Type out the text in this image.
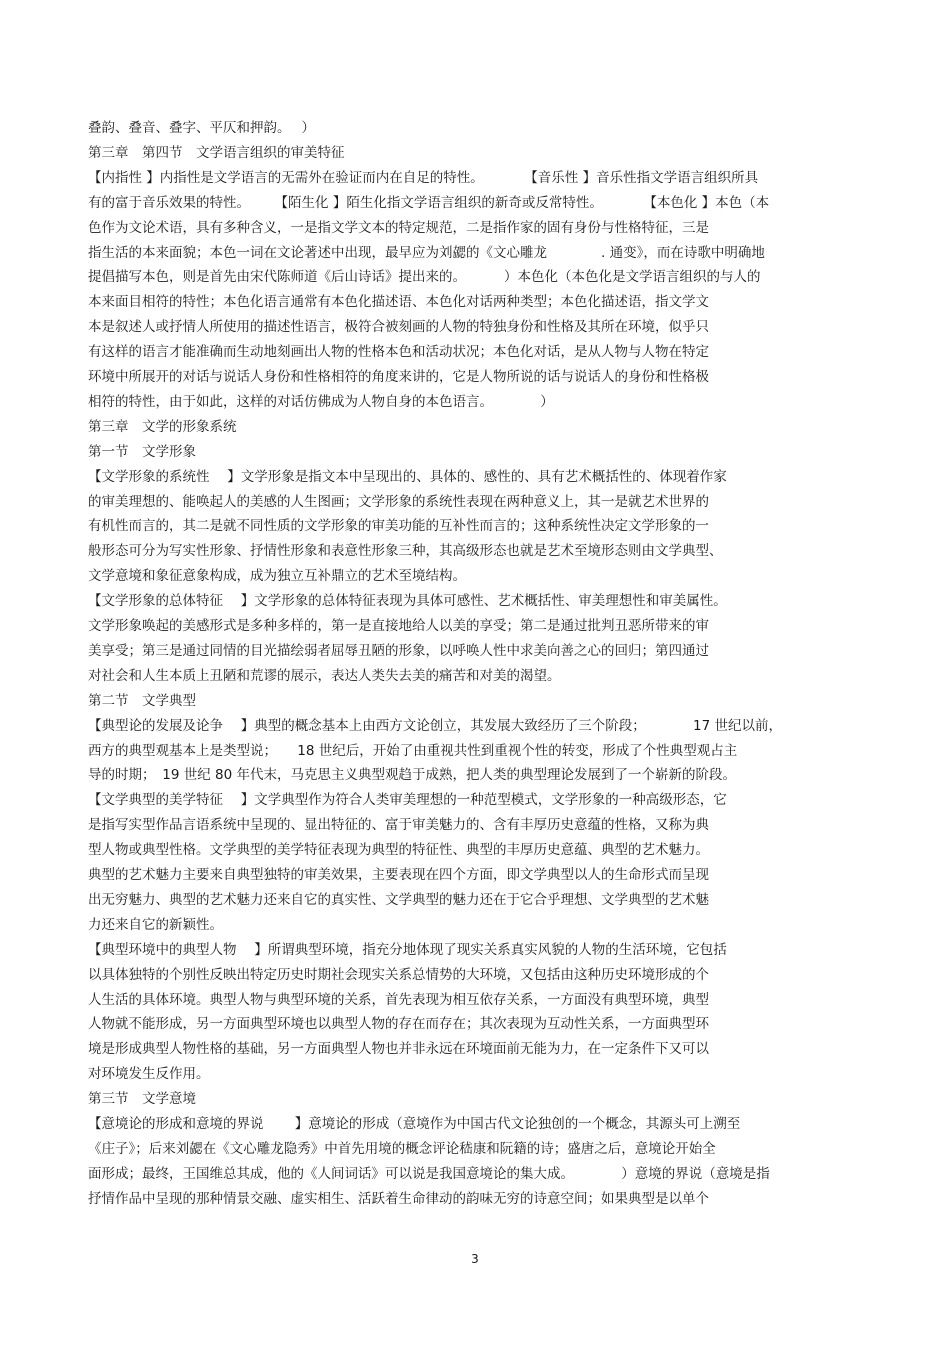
叠韵、叠音、叠字、平仄和押韵。　 ）
第三章　第四节　文学语言组织的审美特征
【内指性 】内指性是文学语言的无需外在验证而内在自足的特性。　　　　【音乐性 】音乐性指文学语言组织所具
有的富于音乐效果的特性。　　 【陌生化 】陌生化指文学语言组织的新奇或反常特性。　　　　【本色化 】本色（本
色作为文论术语，具有多种含义，一是指文学文本的特定规范，二是指作家的固有身份与性格特征，三是
指生活的本来面貌；本色一词在文论著述中出现，最早应为刘勰的《文心雕龙　　　　. 通变》，而在诗歌中明确地
提倡描写本色，则是首先由宋代陈师道《后山诗话》提出来的。　　　 ）本色化（本色化是文学语言组织的与人的
本来面目相符的特性；本色化语言通常有本色化描述语、本色化对话两种类型；本色化描述语，指文学文
本是叙述人或抒情人所使用的描述性语言，极符合被刻画的人物的特独身份和性格及其所在环境，似乎只
有这样的语言才能准确而生动地刻画出人物的性格本色和活动状况；本色化对话，是从人物与人物在特定
环境中所展开的对话与说话人身份和性格相符的角度来讲的，它是人物所说的话与说话人的身份和性格极
相符的特性，由于如此，这样的对话仿佛成为人物自身的本色语言。　　　　）
第三章　文学的形象系统
第一节　文学形象
【文学形象的系统性　 】文学形象是指文本中呈现出的、具体的、感性的、具有艺术概括性的、体现着作家
的审美理想的、能唤起人的美感的人生图画；文学形象的系统性表现在两种意义上，其一是就艺术世界的
有机性而言的，其二是就不同性质的文学形象的审美功能的互补性而言的；这种系统性决定文学形象的一
般形态可分为写实性形象、抒情性形象和表意性形象三种，其高级形态也就是艺术至境形态则由文学典型、
文学意境和象征意象构成，成为独立互补鼎立的艺术至境结构。
【文学形象的总体特征　 】文学形象的总体特征表现为具体可感性、艺术概括性、审美理想性和审美属性。
文学形象唤起的美感形式是多种多样的，第一是直接地给人以美的享受；第二是通过批判丑恶所带来的审
美享受；第三是通过同情的目光描绘弱者屈辱丑陋的形象，以呼唤人性中求美向善之心的回归；第四通过
对社会和人生本质上丑陋和荒谬的展示，表达人类失去美的痛苦和对美的渴望。
第二节　文学典型
【典型论的发展及论争　 】典型的概念基本上由西方文论创立，其发展大致经历了三个阶段；　　　　17 世纪以前，
西方的典型观基本上是类型说；　　18 世纪后，开始了由重视共性到重视个性的转变，形成了个性典型观占主
导的时期；　19 世纪 80 年代末，马克思主义典型观趋于成熟，把人类的典型理论发展到了一个崭新的阶段。
【文学典型的美学特征　 】文学典型作为符合人类审美理想的一种范型模式，文学形象的一种高级形态，它
是指写实型作品言语系统中呈现的、显出特征的、富于审美魅力的、含有丰厚历史意蕴的性格，又称为典
型人物或典型性格。文学典型的美学特征表现为典型的特征性、典型的丰厚历史意蕴、典型的艺术魅力。
典型的艺术魅力主要来自典型独特的审美效果，主要表现在四个方面，即文学典型以人的生命形式而呈现
出无穷魅力、典型的艺术魅力还来自它的真实性、文学典型的魅力还在于它合乎理想、文学典型的艺术魅
力还来自它的新颖性。
【典型环境中的典型人物　 】所谓典型环境，指充分地体现了现实关系真实风貌的人物的生活环境，它包括
以具体独特的个别性反映出特定历史时期社会现实关系总情势的大环境，又包括由这种历史环境形成的个
人生活的具体环境。典型人物与典型环境的关系，首先表现为相互依存关系，一方面没有典型环境，典型
人物就不能形成，另一方面典型环境也以典型人物的存在而存在；其次表现为互动性关系，一方面典型环
境是形成典型人物性格的基础，另一方面典型人物也并非永远在环境面前无能为力，在一定条件下又可以
对环境发生反作用。
第三节　文学意境
【意境论的形成和意境的界说　　 】意境论的形成（意境作为中国古代文论独创的一个概念，其源头可上溯至
《庄子》；后来刘勰在《文心雕龙隐秀》中首先用境的概念评论嵇康和阮籍的诗；盛唐之后，意境论开始全
面形成；最终，王国维总其成，他的《人间词话》可以说是我国意境论的集大成。　　　　）意境的界说（意境是指
抒情作品中呈现的那种情景交融、虚实相生、活跃着生命律动的韵味无穷的诗意空间；如果典型是以单个
3
